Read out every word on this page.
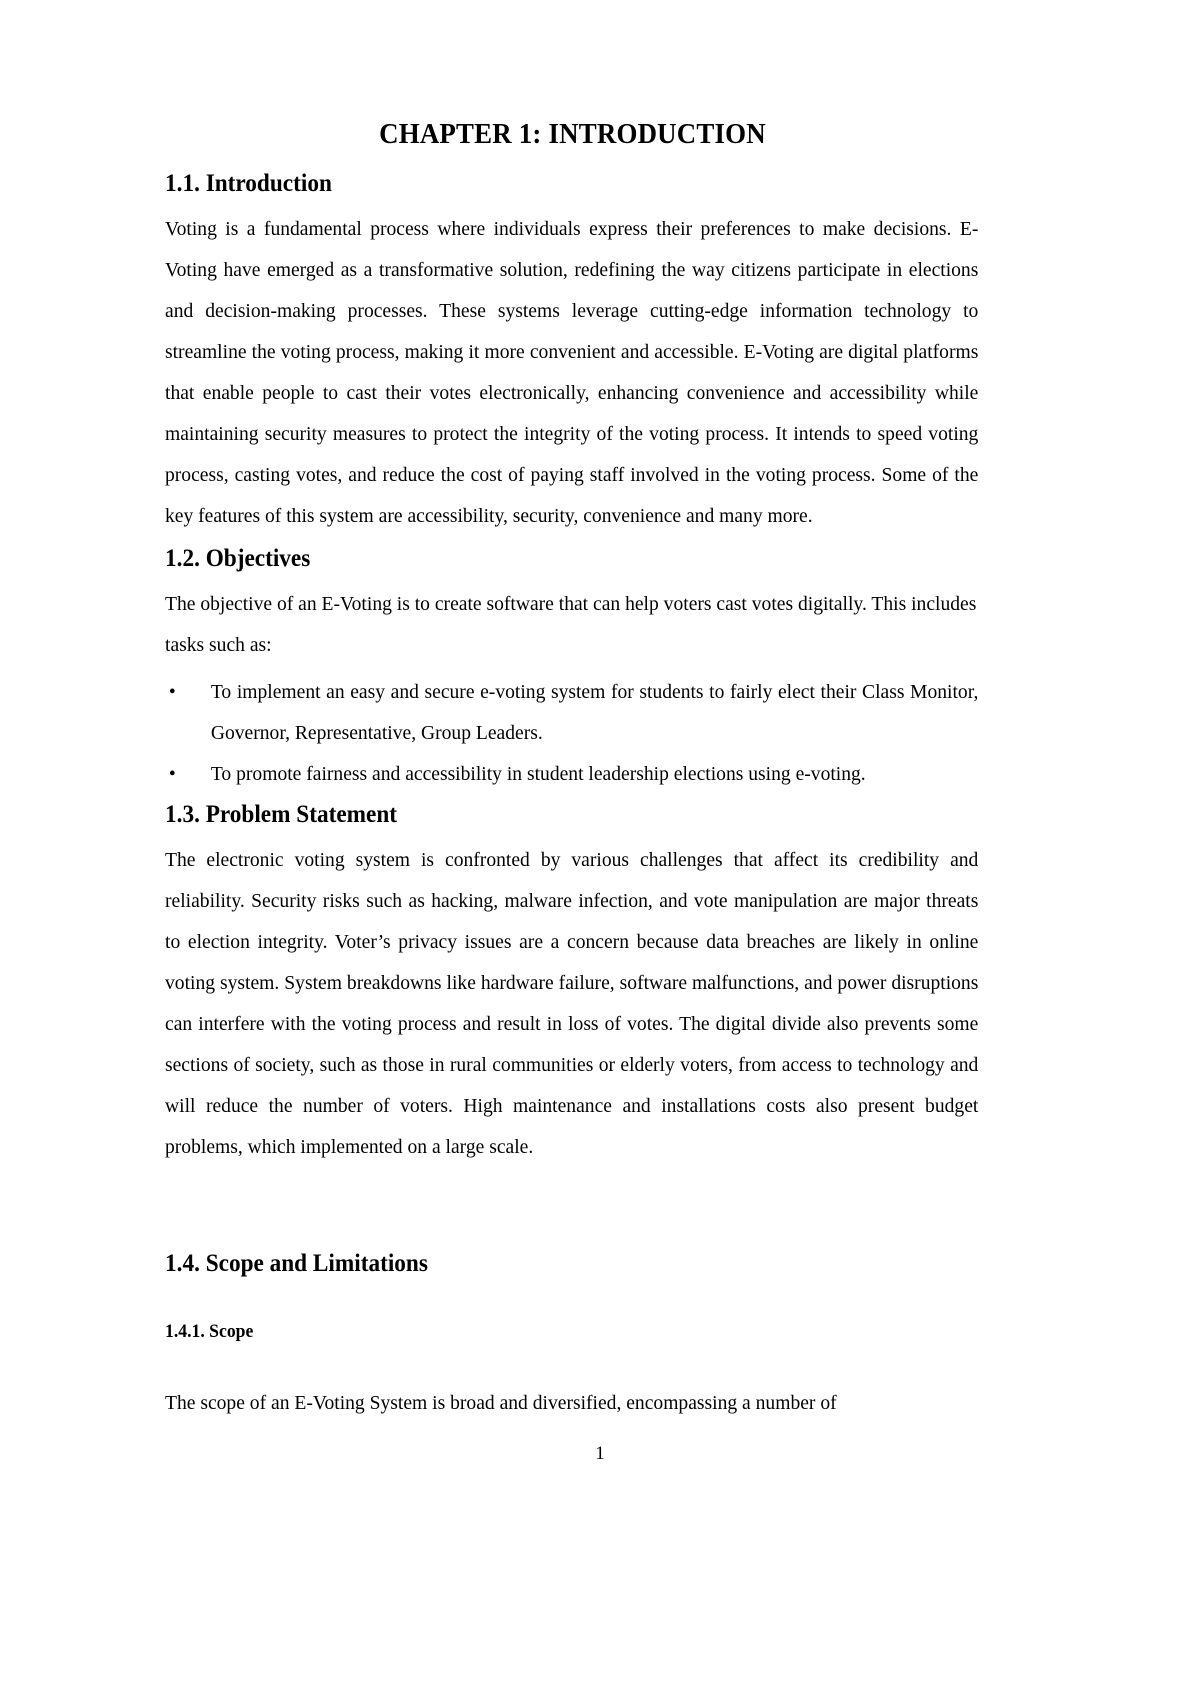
CHAPTER 1: INTRODUCTION
1.1. Introduction

Voting is a fundamental process where individuals express their preferences to make decisions. E-Voting have emerged as a transformative solution, redefining the way citizens participate in elections and decision-making processes. These systems leverage cutting-edge information technology to streamline the voting process, making it more convenient and accessible. E-Voting are digital platforms that enable people to cast their votes electronically, enhancing convenience and accessibility while maintaining security measures to protect the integrity of the voting process. It intends to speed voting process, casting votes, and reduce the cost of paying staff involved in the voting process. Some of the key features of this system are accessibility, security, convenience and many more.

1.2. Objectives

The objective of an E-Voting is to create software that can help voters cast votes digitally. This includes tasks such as:

• To implement an easy and secure e-voting system for students to fairly elect their Class Monitor, Governor, Representative, Group Leaders.
• To promote fairness and accessibility in student leadership elections using e-voting.
1.3. Problem Statement

The electronic voting system is confronted by various challenges that affect its credibility and reliability. Security risks such as hacking, malware infection, and vote manipulation are major threats to election integrity. Voter’s privacy issues are a concern because data breaches are likely in online voting system. System breakdowns like hardware failure, software malfunctions, and power disruptions can interfere with the voting process and result in loss of votes. The digital divide also prevents some sections of society, such as those in rural communities or elderly voters, from access to technology and will reduce the number of voters. High maintenance and installations costs also present budget problems, which implemented on a large scale.

1.4. Scope and Limitations
1.4.1. Scope

The scope of an E-Voting System is broad and diversified, encompassing a number of

1
